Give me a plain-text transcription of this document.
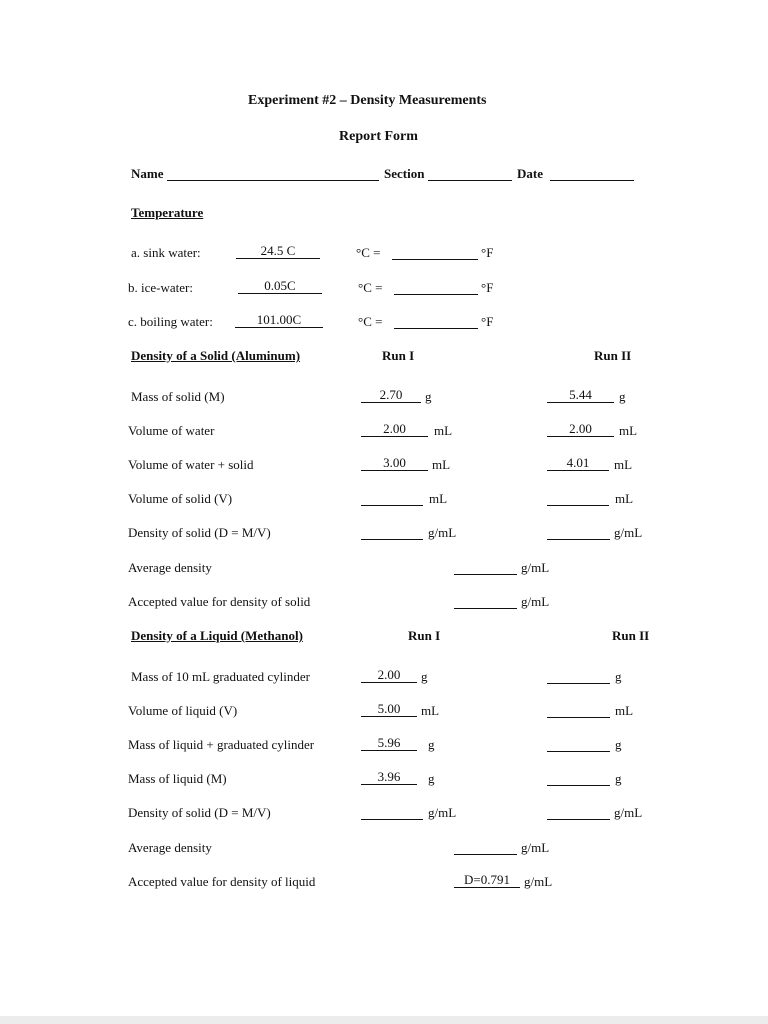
Experiment #2 – Density Measurements
Report Form
Name	Section	Date
Temperature
a. sink water:	24.5 C	°C =	°F
b. ice-water:	0.05C	°C =	°F
c. boiling water:	101.00C	°C =	°F
Density of a Solid (Aluminum)	Run I	Run II
Mass of solid (M)	2.70	g	5.44	g
Volume of water	2.00	mL	2.00	mL
Volume of water + solid	3.00	mL	4.01	mL
Volume of solid (V)	mL	mL
Density of solid (D = M/V)	g/mL	g/mL
Average density	g/mL
Accepted value for density of solid	g/mL
Density of a Liquid (Methanol)	Run I	Run II
Mass of 10 mL graduated cylinder	2.00	g	g
Volume of liquid (V)	5.00	mL	mL
Mass of liquid + graduated cylinder	5.96	g	g
Mass of liquid (M)	3.96	g	g
Density of solid (D = M/V)	g/mL	g/mL
Average density	g/mL
Accepted value for density of liquid	D=0.791	g/mL
